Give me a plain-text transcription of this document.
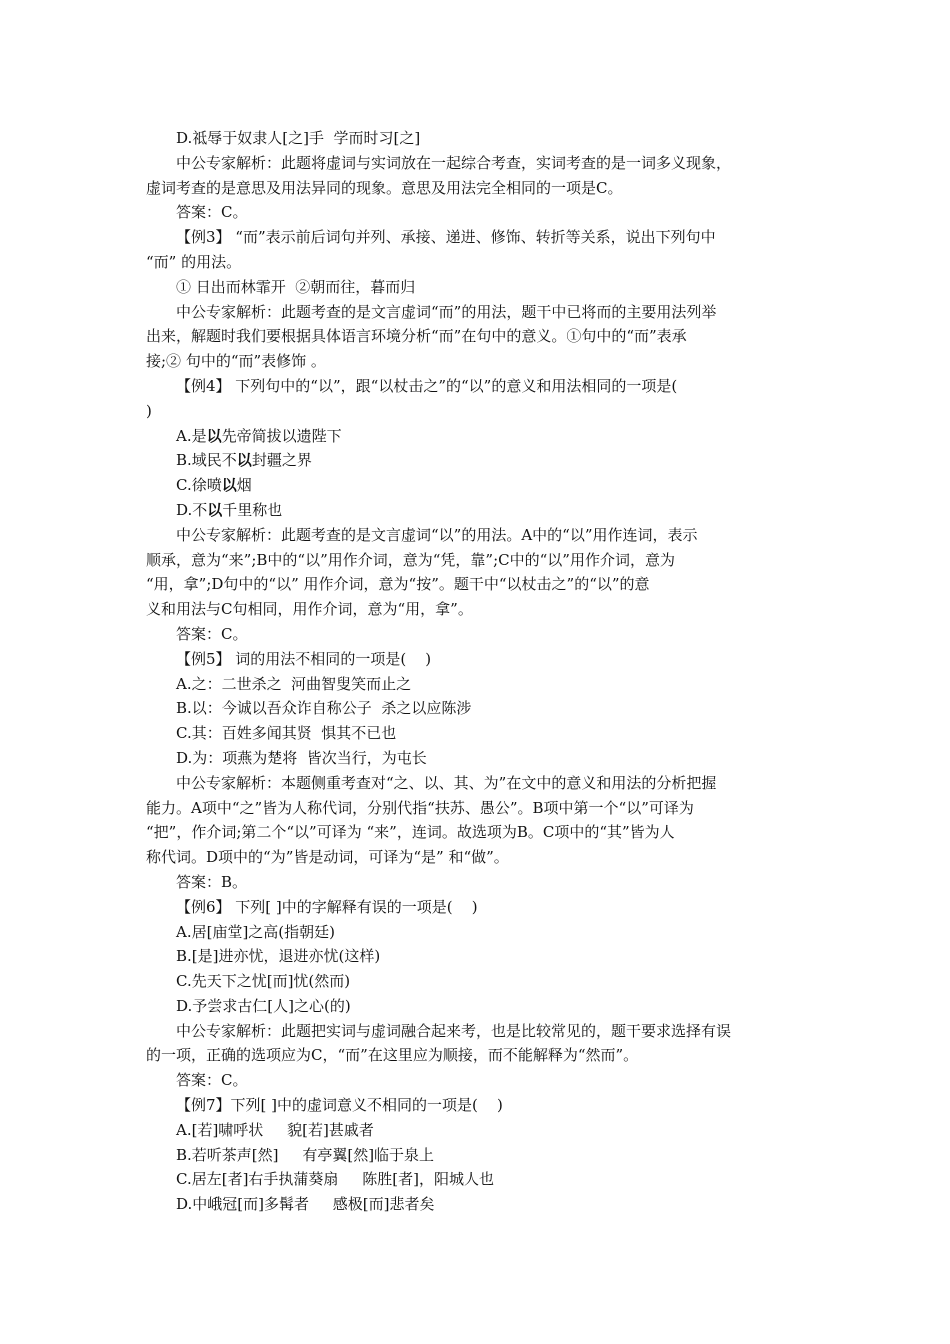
D.祗辱于奴隶人[之]手  学而时习[之]

中公专家解析：此题将虚词与实词放在一起综合考查，实词考查的是一词多义现象，

虚词考查的是意思及用法异同的现象。意思及用法完全相同的一项是C。

答案：C。

【例3】 “而”表示前后词句并列、承接、递进、修饰、转折等关系，说出下列句中

“而” 的用法。

① 日出而林霏开  ②朝而往，暮而归

中公专家解析：此题考查的是文言虚词“而”的用法，题干中已将而的主要用法列举

出来，解题时我们要根据具体语言环境分析“而”在句中的意义。①句中的“而”表承

接;② 句中的“而”表修饰 。

【例4】 下列句中的“以”，跟“以杖击之”的“以”的意义和用法相同的一项是(

)

A.是以先帝简拔以遗陛下

B.域民不以封疆之界

C.徐喷以烟

D.不以千里称也

中公专家解析：此题考查的是文言虚词“以”的用法。A中的“以”用作连词，表示

顺承，意为“来”;B中的“以”用作介词，意为“凭，靠”;C中的“以”用作介词，意为

“用，拿”;D句中的“以” 用作介词，意为“按”。题干中“以杖击之”的“以”的意

义和用法与C句相同，用作介词，意为“用，拿”。

答案：C。

【例5】 词的用法不相同的一项是(    )

A.之：二世杀之  河曲智叟笑而止之

B.以：今诚以吾众诈自称公子  杀之以应陈涉

C.其：百姓多闻其贤  惧其不已也

D.为：项燕为楚将  皆次当行，为屯长

中公专家解析：本题侧重考查对“之、以、其、为”在文中的意义和用法的分析把握

能力。A项中“之”皆为人称代词，分别代指“扶苏、愚公”。B项中第一个“以”可译为

“把”，作介词;第二个“以”可译为 “来”，连词。故选项为B。C项中的“其”皆为人

称代词。D项中的“为”皆是动词，可译为“是” 和“做”。

答案：B。

【例6】 下列[ ]中的字解释有误的一项是(    )

A.居[庙堂]之高(指朝廷)

B.[是]进亦忧，退进亦忧(这样)

C.先天下之忧[而]忧(然而)

D.予尝求古仁[人]之心(的)

中公专家解析：此题把实词与虚词融合起来考，也是比较常见的，题干要求选择有误

的一项，正确的选项应为C，“而”在这里应为顺接，而不能解释为“然而”。

答案：C。

【例7】下列[ ]中的虚词意义不相同的一项是(    )

A.[若]啸呼状     貌[若]甚戚者

B.若听茶声[然]     有亭翼[然]临于泉上

C.居左[者]右手执蒲葵扇     陈胜[者]，阳城人也

D.中峨冠[而]多髯者     感极[而]悲者矣
